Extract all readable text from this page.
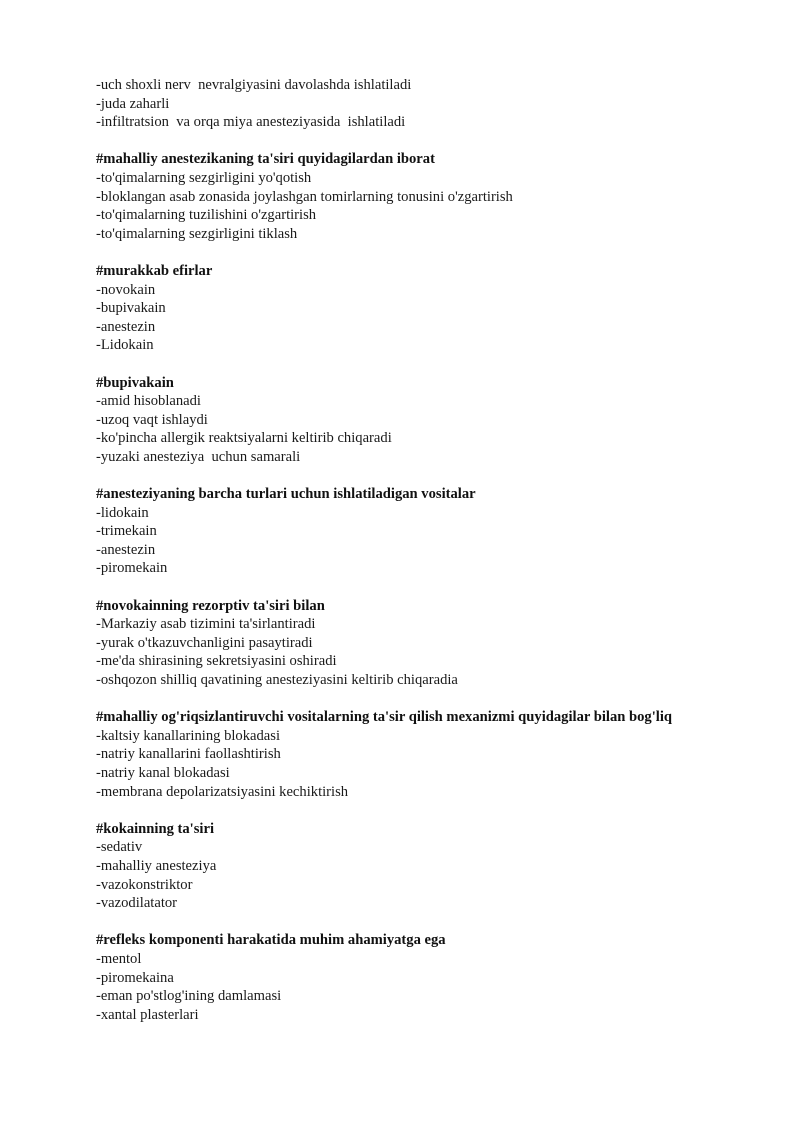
-uch shoxli nerv  nevralgiyasini davolashda ishlatiladi
-juda zaharli
-infiltratsion  va orqa miya anesteziyasida  ishlatiladi
#mahalliy anestezikaning ta'siri quyidagilardan iborat
-to'qimalarning sezgirligini yo'qotish
-bloklangan asab zonasida joylashgan tomirlarning tonusini o'zgartirish
-to'qimalarning tuzilishini o'zgartirish
-to'qimalarning sezgirligini tiklash
#murakkab efirlar
-novokain
-bupivakain
-anestezin
-Lidokain
#bupivakain
-amid hisoblanadi
-uzoq vaqt ishlaydi
-ko'pincha allergik reaktsiyalarni keltirib chiqaradi
-yuzaki anesteziya  uchun samarali
#anesteziyaning barcha turlari uchun ishlatiladigan vositalar
-lidokain
-trimekain
-anestezin
-piromekain
#novokainning rezorptiv ta'siri bilan
-Markaziy asab tizimini ta'sirlantiradi
-yurak o'tkazuvchanligini pasaytiradi
-me'da shirasining sekretsiyasini oshiradi
-oshqozon shilliq qavatining anesteziyasini keltirib chiqaradia
#mahalliy og'riqsizlantiruvchi vositalarning ta'sir qilish mexanizmi quyidagilar bilan bog'liq
-kaltsiy kanallarining blokadasi
-natriy kanallarini faollashtirish
-natriy kanal blokadasi
-membrana depolarizatsiyasini kechiktirish
#kokainning ta'siri
-sedativ
-mahalliy anesteziya
-vazokonstriktor
-vazodilatator
#refleks komponenti harakatida muhim ahamiyatga ega
-mentol
-piromekaina
-eman po'stlog'ining damlamasi
-xantal plasterlari
